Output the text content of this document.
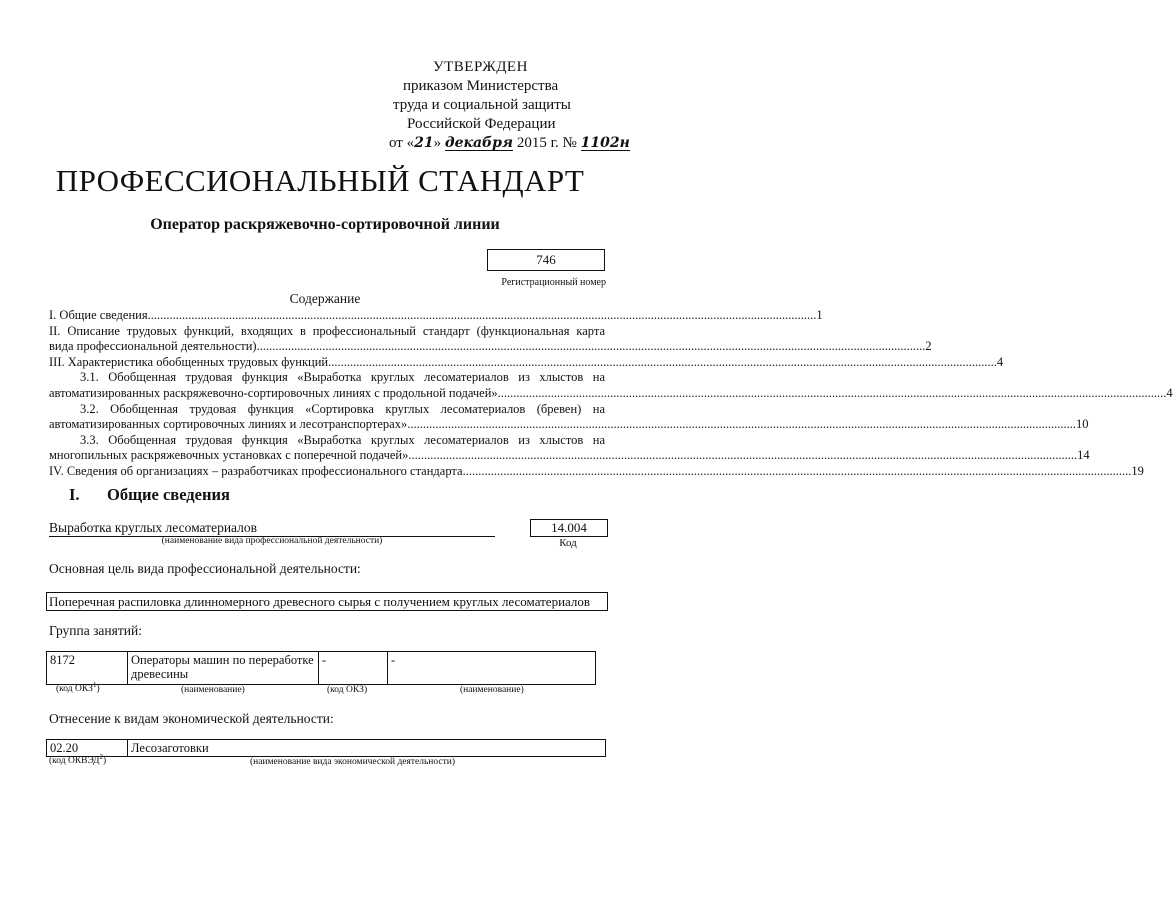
УТВЕРЖДЕН
приказом Министерства
труда и социальной защиты
Российской Федерации
от «21» декабря 2015 г. № 1102н
ПРОФЕССИОНАЛЬНЫЙ СТАНДАРТ
Оператор раскряжевочно-сортировочной линии
746
Регистрационный номер
Содержание
I. Общие сведения ...................................................................................................................................................................................................................... 1
II. Описание трудовых функций, входящих в профессиональный стандарт (функциональная карта
вида профессиональной деятельности) ...................................................................................................................................................................................................................... 2
III. Характеристика обобщенных трудовых функций ...................................................................................................................................................................................................................... 4
3.1. Обобщенная трудовая функция «Выработка круглых лесоматериалов из хлыстов на
автоматизированных раскряжевочно-сортировочных линиях с продольной подачей» ...................................................................................................................................................................................................................... 4
3.2. Обобщенная трудовая функция «Сортировка круглых лесоматериалов (бревен) на
автоматизированных сортировочных линиях и лесотранспортерах» ...................................................................................................................................................................................................................... 10
3.3. Обобщенная трудовая функция «Выработка круглых лесоматериалов из хлыстов на
многопильных раскряжевочных установках с поперечной подачей» ...................................................................................................................................................................................................................... 14
IV. Сведения об организациях – разработчиках профессионального стандарта ...................................................................................................................................................................................................................... 19
I. Общие сведения
Выработка круглых лесоматериалов
(наименование вида профессиональной деятельности)
14.004
Код
Основная цель вида профессиональной деятельности:
Поперечная распиловка длинномерного древесного сырья с получением круглых лесоматериалов
Группа занятий:
8172	Операторы машин по переработке древесины	-	-
(код ОКЗ$^1$)	(наименование)	(код ОКЗ)	(наименование)
Отнесение к видам экономической деятельности:
02.20	Лесозаготовки
(код ОКВЭД$^2$)	(наименование вида экономической деятельности)
